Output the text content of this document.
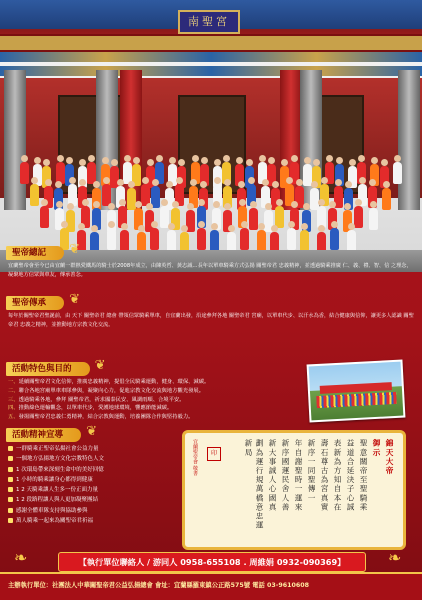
南聖宮
聖帝總記 ❦
宜蘭聖帝會至今已由宜蘭一群熱愛鐵馬的騎士於2008年成立，由陳英哲、黃志誠…長年以單車騎乘方式弘揚 關聖帝君 忠義精神，並透過騎乘推廣 仁、義、禮、智、信 之理念，凝聚地方信眾與車友，傳承善念。
聖帝傳承 ❦
每年於關聖帝君聖誕前，由 天下 關聖帝君 總會 帶領信眾騎乘單車，自宜蘭出發，沿途參拜各地 關聖帝君 宮廟，以單車代步、以汗水為香，結合健康與信仰，讓更多人認識 關聖帝君 忠義之精神，並推動地方宗教文化交流。
活動特色與目的 ❦
一、延續關聖帝君文化信仰，推廣忠義精神，提倡全民騎乘運動，健身、環保、減碳。
二、聯合各地宮廟單車車隊參與，凝聚向心力，促進宗教文化交流與地方觀光發展。
三、透過騎乘各地，參拜 關聖帝君，祈求國泰民安、風調雨順、合境平安。
四、推動綠色運輸觀念，以單車代步，愛護地球環境，響應節能減碳。
五、發揚關聖帝君忠義仁勇精神，結合宗教與運動，培養團隊合作與堅持毅力。
活動精神宣導 ❦
一群騎乘正聖帝弘揚社會公益力量
一個地方弘揚地方文化宗教特色人文
1 次環島帶來深刻生命中的美好回憶
1 小時的騎乘讓身心都得到健康
1 2 天騎乘讓人生多一份正面力量
1 2 段路程讓人與人更加凝聚團結
感謝全體車隊支持與協助參與
萬人騎乘一起來為關聖帝君祈福
宜蘭聖帝會 敬書	印	錦天大帝
御示
聖意關帝至聖騎乘
益道合延決子心誠
表新為方知自本在
壽石尊古為宮真實
新序一同聖傳一
年自謝聖時一運來
新序國運民舍人善
新大事誠人心國真
劃為運行規萬橋意忠運新局
❧	【執行單位聯絡人 / 游同人 0958-655108 . 周維娟 0932-090369】	❧
主辦執行單位：社團法人中華關聖帝君公益弘揚總會 會址：宜蘭縣羅東鎮公正路575號 電話 03-9610608
